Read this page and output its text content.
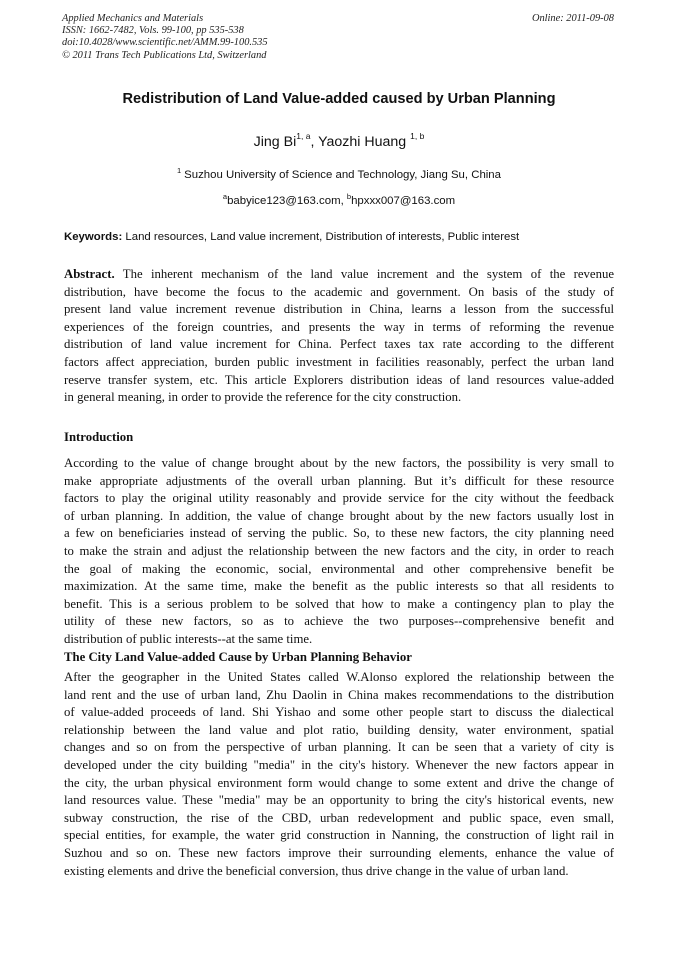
Applied Mechanics and Materials
ISSN: 1662-7482, Vols. 99-100, pp 535-538
doi:10.4028/www.scientific.net/AMM.99-100.535
© 2011 Trans Tech Publications Ltd, Switzerland
Online: 2011-09-08
Redistribution of Land Value-added caused by Urban Planning
Jing Bi$^{1, a}$, Yaozhi Huang $^{1, b}$
$^1$ Suzhou University of Science and Technology, Jiang Su, China
$^a$babyice123@163.com, $^b$hpxxx007@163.com
Keywords: Land resources, Land value increment, Distribution of interests, Public interest
Abstract. The inherent mechanism of the land value increment and the system of the revenue
distribution, have become the focus to the academic and government. On basis of the study of
present land value increment revenue distribution in China, learns a lesson from the successful
experiences of the foreign countries, and presents the way in terms of reforming the revenue
distribution of land value increment for China. Perfect taxes tax rate according to the different
factors affect appreciation, burden public investment in facilities reasonably, perfect the urban land
reserve transfer system, etc. This article Explorers distribution ideas of land resources value-added
in general meaning, in order to provide the reference for the city construction.
Introduction
According to the value of change brought about by the new factors, the possibility is very small to
make appropriate adjustments of the overall urban planning. But it’s difficult for these resource
factors to play the original utility reasonably and provide service for the city without the feedback
of urban planning. In addition, the value of change brought about by the new factors usually lost in
a few on beneficiaries instead of serving the public. So, to these new factors, the city planning need
to make the strain and adjust the relationship between the new factors and the city, in order to reach
the goal of making the economic, social, environmental and other comprehensive benefit be
maximization. At the same time, make the benefit as the public interests so that all residents to
benefit. This is a serious problem to be solved that how to make a contingency plan to play the
utility of these new factors, so as to achieve the two purposes--comprehensive benefit and
distribution of public interests--at the same time.
The City Land Value-added Cause by Urban Planning Behavior
After the geographer in the United States called W.Alonso explored the relationship between the
land rent and the use of urban land, Zhu Daolin in China makes recommendations to the distribution
of value-added proceeds of land. Shi Yishao and some other people start to discuss the dialectical
relationship between the land value and plot ratio, building density, water environment, spatial
changes and so on from the perspective of urban planning. It can be seen that a variety of city is
developed under the city building "media" in the city's history. Whenever the new factors appear in
the city, the urban physical environment form would change to some extent and drive the change of
land resources value. These "media" may be an opportunity to bring the city's historical events, new
subway construction, the rise of the CBD, urban redevelopment and public space, even small,
special entities, for example, the water grid construction in Nanning, the construction of light rail in
Suzhou and so on. These new factors improve their surrounding elements, enhance the value of
existing elements and drive the beneficial conversion, thus drive change in the value of urban land.
